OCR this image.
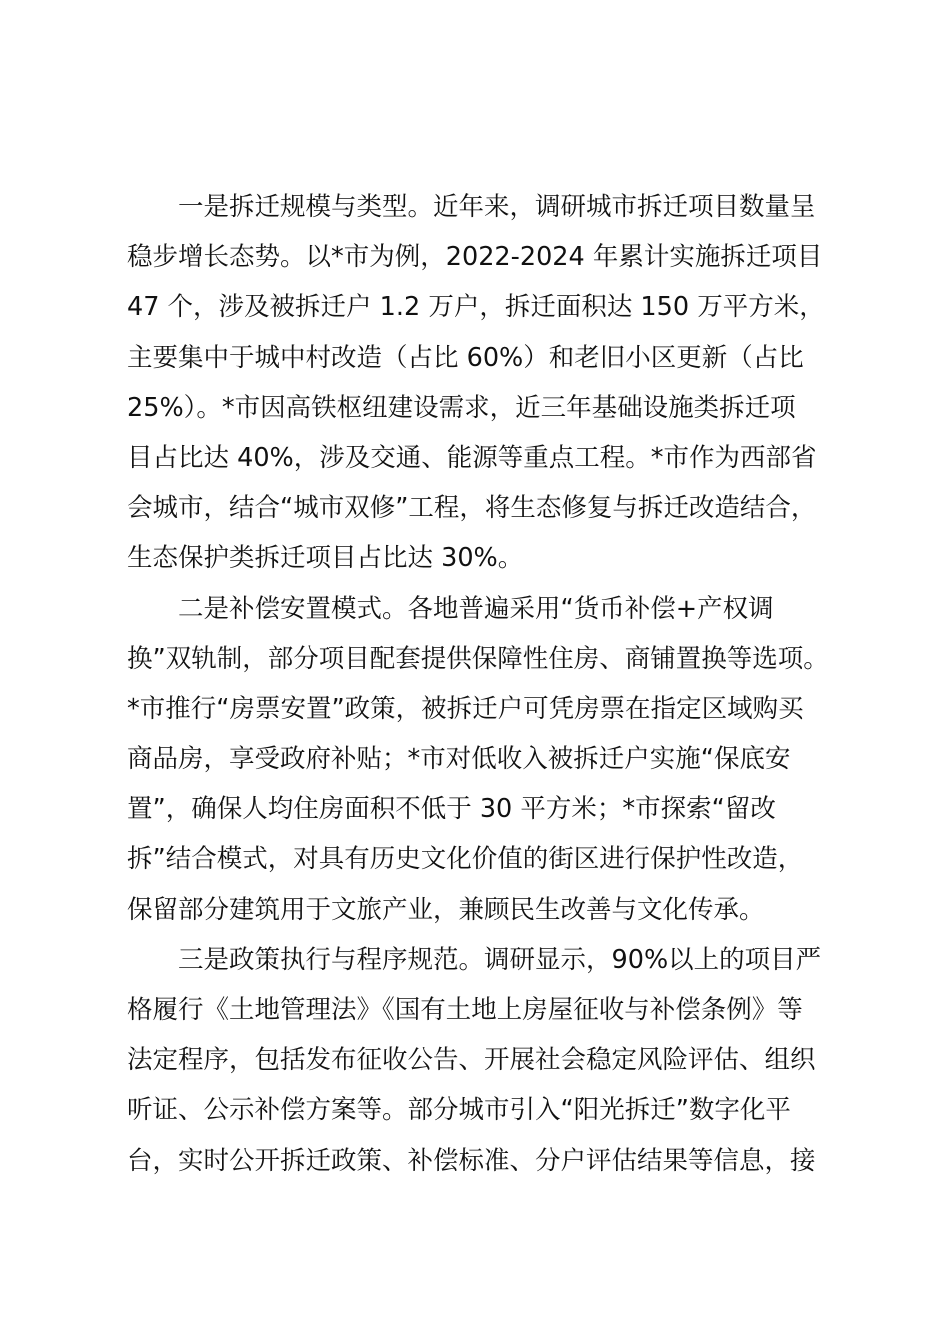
一是拆迁规模与类型。近年来，调研城市拆迁项目数量呈
稳步增长态势。以*市为例，2022-2024 年累计实施拆迁项目
47 个，涉及被拆迁户 1.2 万户，拆迁面积达 150 万平方米，
主要集中于城中村改造（占比 60%）和老旧小区更新（占比
25%）。*市因高铁枢纽建设需求，近三年基础设施类拆迁项
目占比达 40%，涉及交通、能源等重点工程。*市作为西部省
会城市，结合“城市双修”工程，将生态修复与拆迁改造结合，
生态保护类拆迁项目占比达 30%。

二是补偿安置模式。各地普遍采用“货币补偿+产权调
换”双轨制，部分项目配套提供保障性住房、商铺置换等选项。
*市推行“房票安置”政策，被拆迁户可凭房票在指定区域购买
商品房，享受政府补贴；*市对低收入被拆迁户实施“保底安
置”，确保人均住房面积不低于 30 平方米；*市探索“留改
拆”结合模式，对具有历史文化价值的街区进行保护性改造，
保留部分建筑用于文旅产业，兼顾民生改善与文化传承。

三是政策执行与程序规范。调研显示，90%以上的项目严
格履行《土地管理法》《国有土地上房屋征收与补偿条例》等
法定程序，包括发布征收公告、开展社会稳定风险评估、组织
听证、公示补偿方案等。部分城市引入“阳光拆迁”数字化平
台，实时公开拆迁政策、补偿标准、分户评估结果等信息，接
